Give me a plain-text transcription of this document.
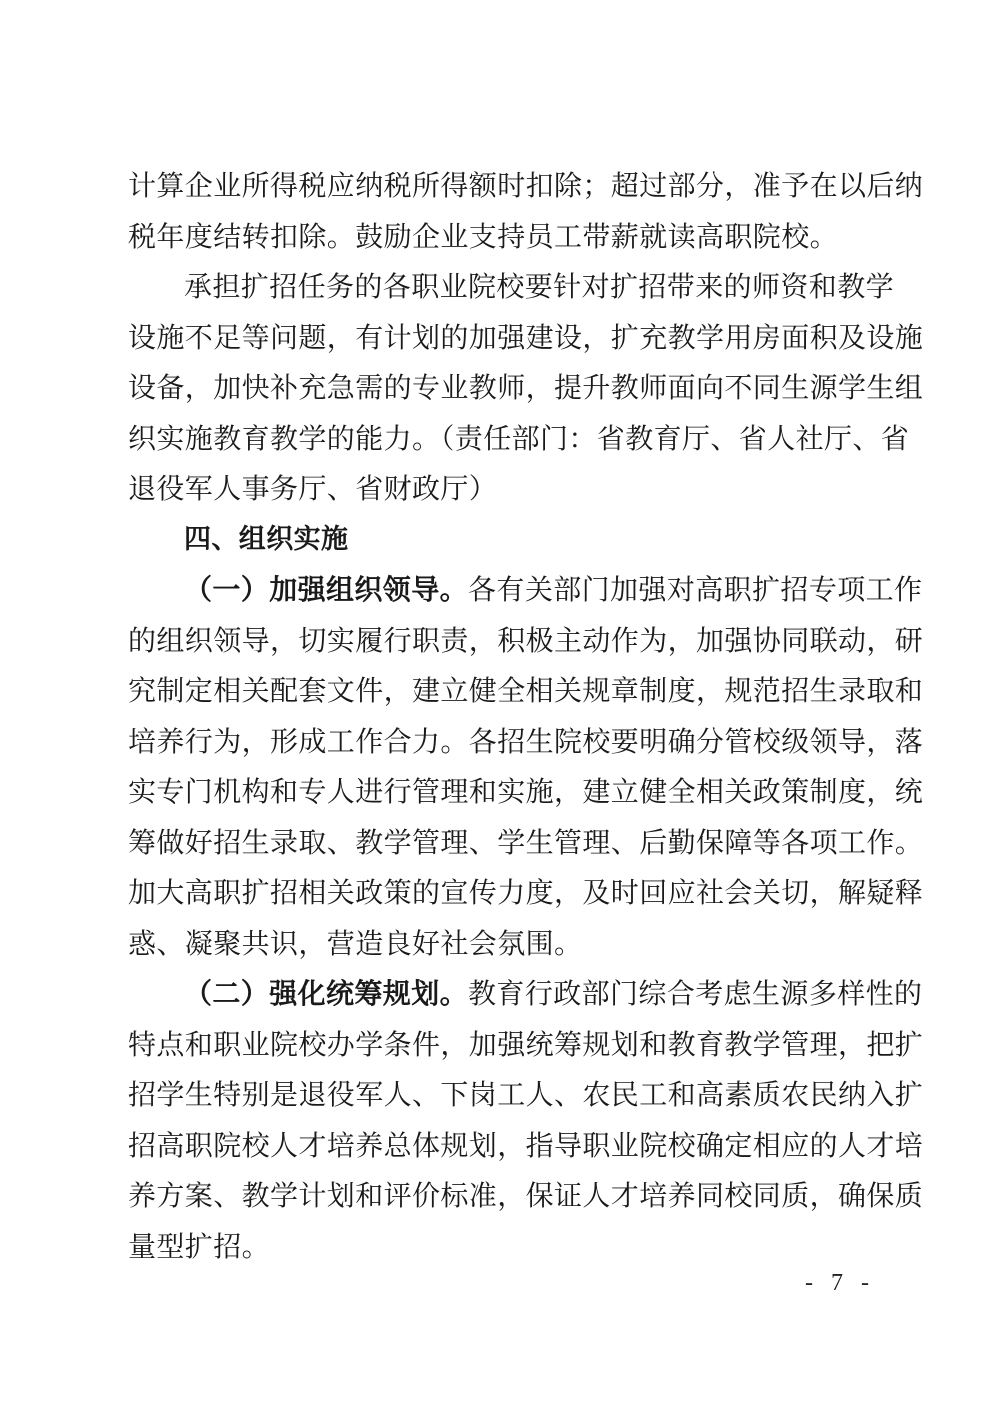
计算企业所得税应纳税所得额时扣除；超过部分，准予在以后纳
税年度结转扣除。鼓励企业支持员工带薪就读高职院校。
承担扩招任务的各职业院校要针对扩招带来的师资和教学
设施不足等问题，有计划的加强建设，扩充教学用房面积及设施
设备，加快补充急需的专业教师，提升教师面向不同生源学生组
织实施教育教学的能力。（责任部门：省教育厅、省人社厅、省
退役军人事务厅、省财政厅）
四、组织实施
（一）加强组织领导。各有关部门加强对高职扩招专项工作
的组织领导，切实履行职责，积极主动作为，加强协同联动，研
究制定相关配套文件，建立健全相关规章制度，规范招生录取和
培养行为，形成工作合力。各招生院校要明确分管校级领导，落
实专门机构和专人进行管理和实施，建立健全相关政策制度，统
筹做好招生录取、教学管理、学生管理、后勤保障等各项工作。
加大高职扩招相关政策的宣传力度，及时回应社会关切，解疑释
惑、凝聚共识，营造良好社会氛围。
（二）强化统筹规划。教育行政部门综合考虑生源多样性的
特点和职业院校办学条件，加强统筹规划和教育教学管理，把扩
招学生特别是退役军人、下岗工人、农民工和高素质农民纳入扩
招高职院校人才培养总体规划，指导职业院校确定相应的人才培
养方案、教学计划和评价标准，保证人才培养同校同质，确保质
量型扩招。
- 7 -
